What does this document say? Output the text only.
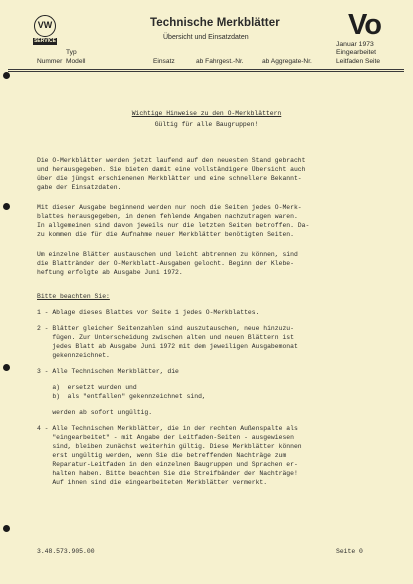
VW
SERVICE
Technische Merkblätter
Übersicht und Einsatzdaten	Vo
Januar 1973
Eingearbeitet
Typ
Nummer Modell	Einsatz	ab Fahrgest.-Nr.	ab Aggregate-Nr.	Leitfaden Seite
Wichtige Hinweise zu den O-Merkblättern
Gültig für alle Baugruppen!
Die O-Merkblätter werden jetzt laufend auf den neuesten Stand gebracht
und herausgegeben. Sie bieten damit eine vollständigere Übersicht auch
über die jüngst erschienenen Merkblätter und eine schnellere Bekannt-
gabe der Einsatzdaten.
Mit dieser Ausgabe beginnend werden nur noch die Seiten jedes O-Merk-
blattes herausgegeben, in denen fehlende Angaben nachzutragen waren.
In allgemeinen sind davon jeweils nur die letzten Seiten betroffen. Da-
zu kommen die für die Aufnahme neuer Merkblätter benötigten Seiten.
Um einzelne Blätter austauschen und leicht abtrennen zu können, sind
die Blattränder der O-Merkblatt-Ausgaben gelocht. Beginn der Klebe-
heftung erfolgte ab Ausgabe Juni 1972.
Bitte beachten Sie:
1 - Ablage dieses Blattes vor Seite 1 jedes O-Merkblattes.
2 - Blätter gleicher Seitenzahlen sind auszutauschen, neue hinzuzu-
fügen. Zur Unterscheidung zwischen alten und neuen Blättern ist
jedes Blatt ab Ausgabe Juni 1972 mit dem jeweiligen Ausgabemonat
gekennzeichnet.
3 - Alle Technischen Merkblätter, die
a)  ersetzt wurden und
b)  als "entfallen" gekennzeichnet sind,
werden ab sofort ungültig.
4 - Alle Technischen Merkblätter, die in der rechten Außenspalte als
"eingearbeitet" - mit Angabe der Leitfaden-Seiten - ausgewiesen
sind, bleiben zunächst weiterhin gültig. Diese Merkblätter können
erst ungültig werden, wenn Sie die betreffenden Nachträge zum
Reparatur-Leitfaden in den einzelnen Baugruppen und Sprachen er-
halten haben. Bitte beachten Sie die Streifbänder der Nachträge!
Auf ihnen sind die eingearbeiteten Merkblätter vermerkt.
3.48.573.905.00	Seite 0
